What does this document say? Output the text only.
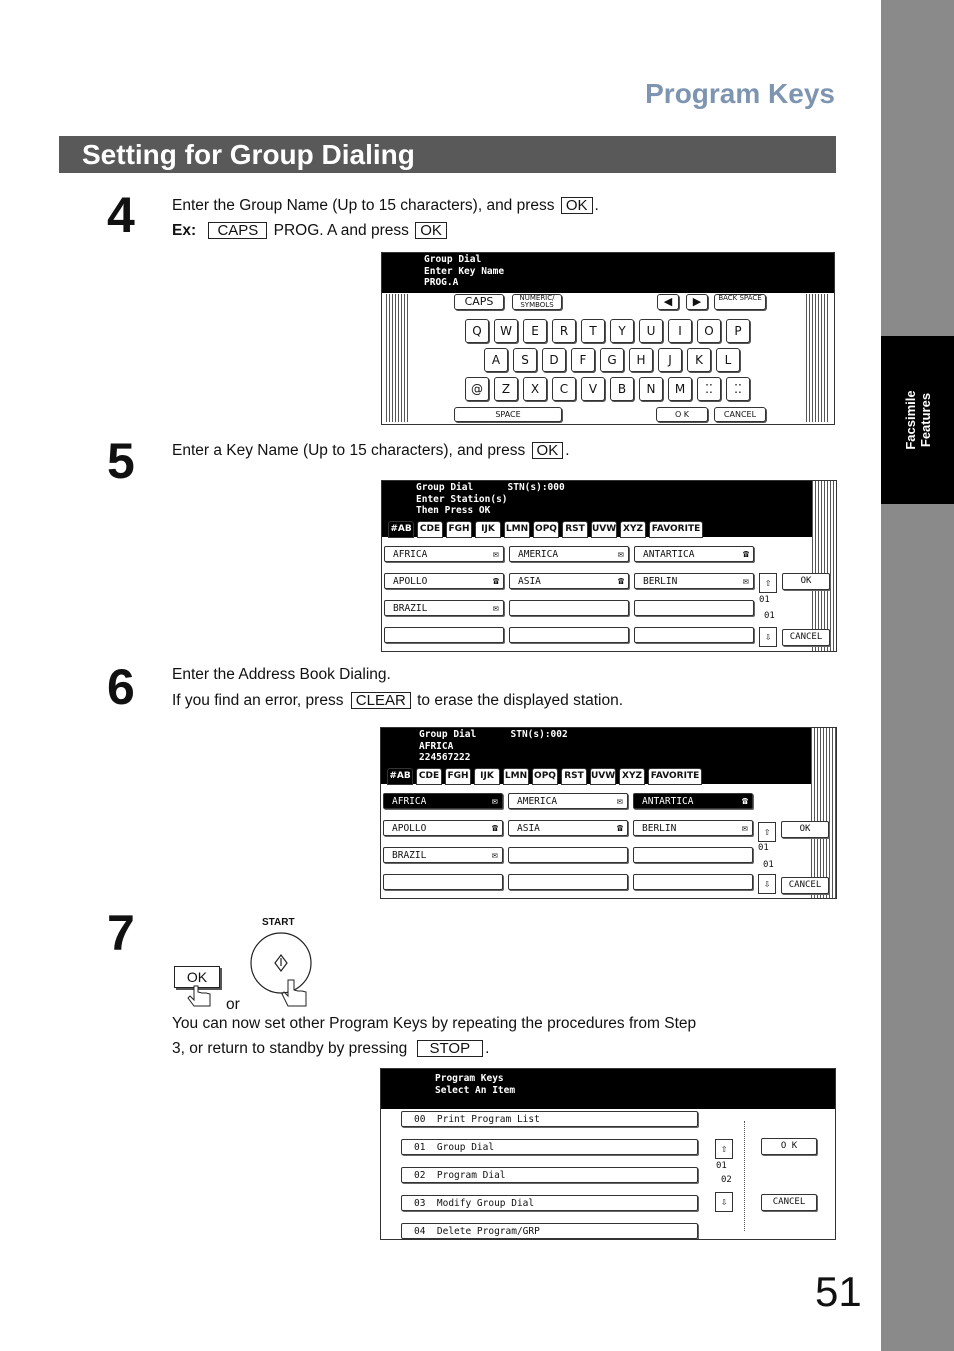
Facsimile Features
Program Keys
Setting for Group Dialing
4 Enter the Group Name (Up to 15 characters), and press OK .
Ex: CAPS PROG. A and press OK
Group Dial
Enter Key Name
PROG.A
CAPS	NUMERIC/ SYMBOLS	◀	▶	BACK SPACE
Q	W	E	R	T	Y	U	I	O	P
A	S	D	F	G	H	J	K	L
@	Z	X	C	V	B	N	M	⁚⁚	⁚⁚
SPACE	O K	CANCEL
5 Enter a Key Name (Up to 15 characters), and press OK .
Group Dial      STN(s):000
Enter Station(s)
Then Press OK
#AB CDE FGH	IJK	LMN OPQ RST UVW XYZ FAVORITE
AFRICA	✉	AMERICA	✉	ANTARTICA	☎
APOLLO	☎	ASIA	☎	BERLIN	✉
BRAZIL	✉
⇧
01
01
⇩
OK
CANCEL
6 Enter the Address Book Dialing.
If you find an error, press CLEAR to erase the displayed station.
Group Dial      STN(s):002
AFRICA
224567222
#AB CDE FGH	IJK	LMN OPQ RST UVW XYZ FAVORITE
AFRICA	✉	AMERICA	✉	ANTARTICA	☎
APOLLO	☎	ASIA	☎	BERLIN	✉
BRAZIL	✉
⇧
01
01
⇩
OK
CANCEL
7
OK
or
START
You can now set other Program Keys by repeating the procedures from Step
3, or return to standby by pressing STOP .
Program Keys
Select An Item
00  Print Program List
01  Group Dial
02  Program Dial
03  Modify Group Dial
04  Delete Program/GRP
⇧
01
02
⇩
O K
CANCEL
51
